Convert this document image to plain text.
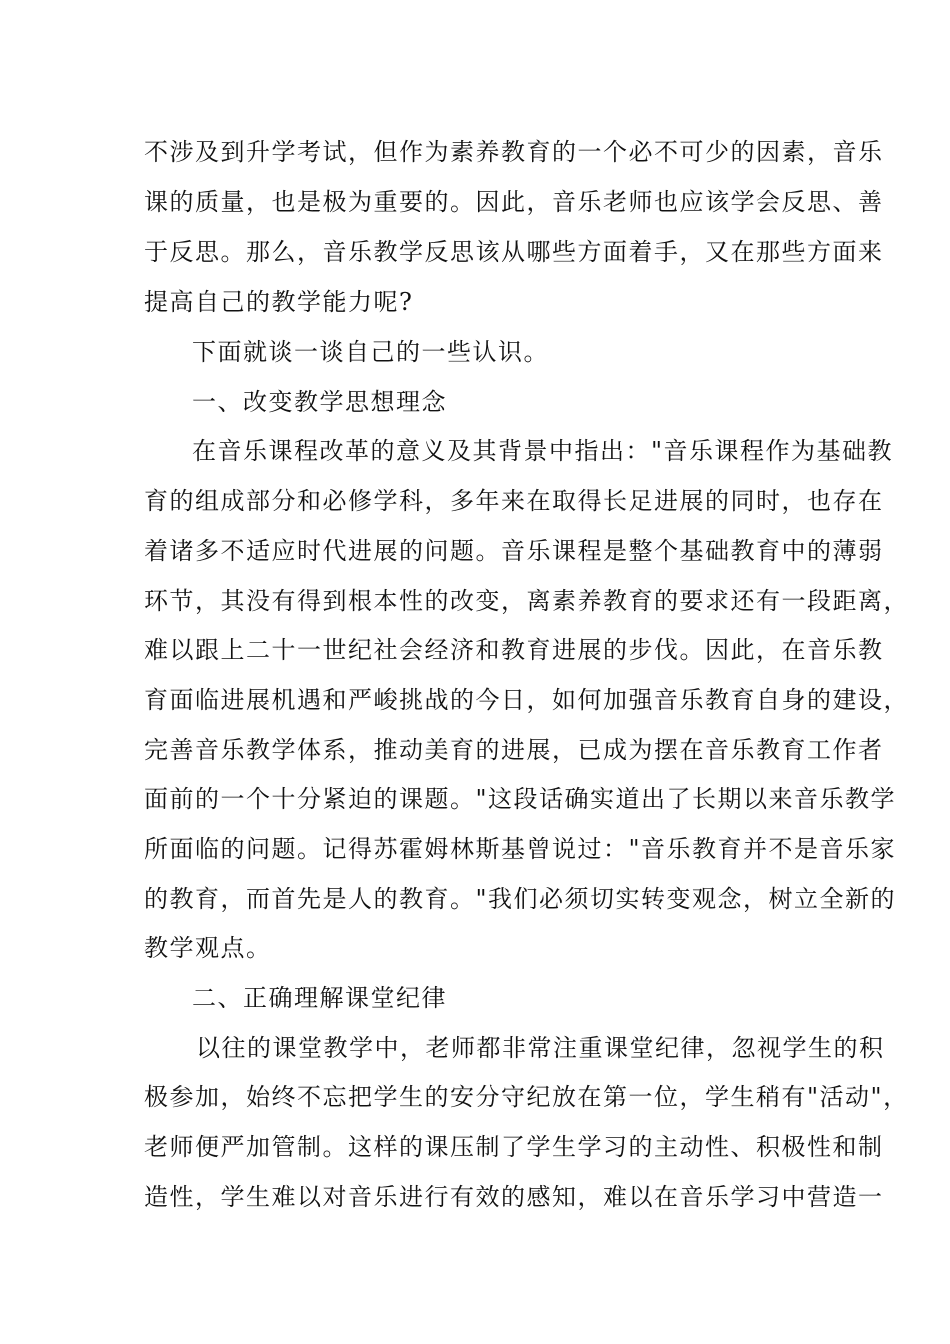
不涉及到升学考试，但作为素养教育的一个必不可少的因素，音乐
课的质量，也是极为重要的。因此，音乐老师也应该学会反思、善
于反思。那么，音乐教学反思该从哪些方面着手，又在那些方面来
提高自己的教学能力呢?
下面就谈一谈自己的一些认识。
一、改变教学思想理念
在音乐课程改革的意义及其背景中指出："音乐课程作为基础教
育的组成部分和必修学科，多年来在取得长足进展的同时，也存在
着诸多不适应时代进展的问题。音乐课程是整个基础教育中的薄弱
环节，其没有得到根本性的改变，离素养教育的要求还有一段距离，
难以跟上二十一世纪社会经济和教育进展的步伐。因此，在音乐教
育面临进展机遇和严峻挑战的今日，如何加强音乐教育自身的建设，
完善音乐教学体系，推动美育的进展，已成为摆在音乐教育工作者
面前的一个十分紧迫的课题。"这段话确实道出了长期以来音乐教学
所面临的问题。记得苏霍姆林斯基曾说过："音乐教育并不是音乐家
的教育，而首先是人的教育。"我们必须切实转变观念，树立全新的
教学观点。
二、正确理解课堂纪律
以往的课堂教学中，老师都非常注重课堂纪律，忽视学生的积
极参加，始终不忘把学生的安分守纪放在第一位，学生稍有"活动"，
老师便严加管制。这样的课压制了学生学习的主动性、积极性和制
造性，学生难以对音乐进行有效的感知，难以在音乐学习中营造一
